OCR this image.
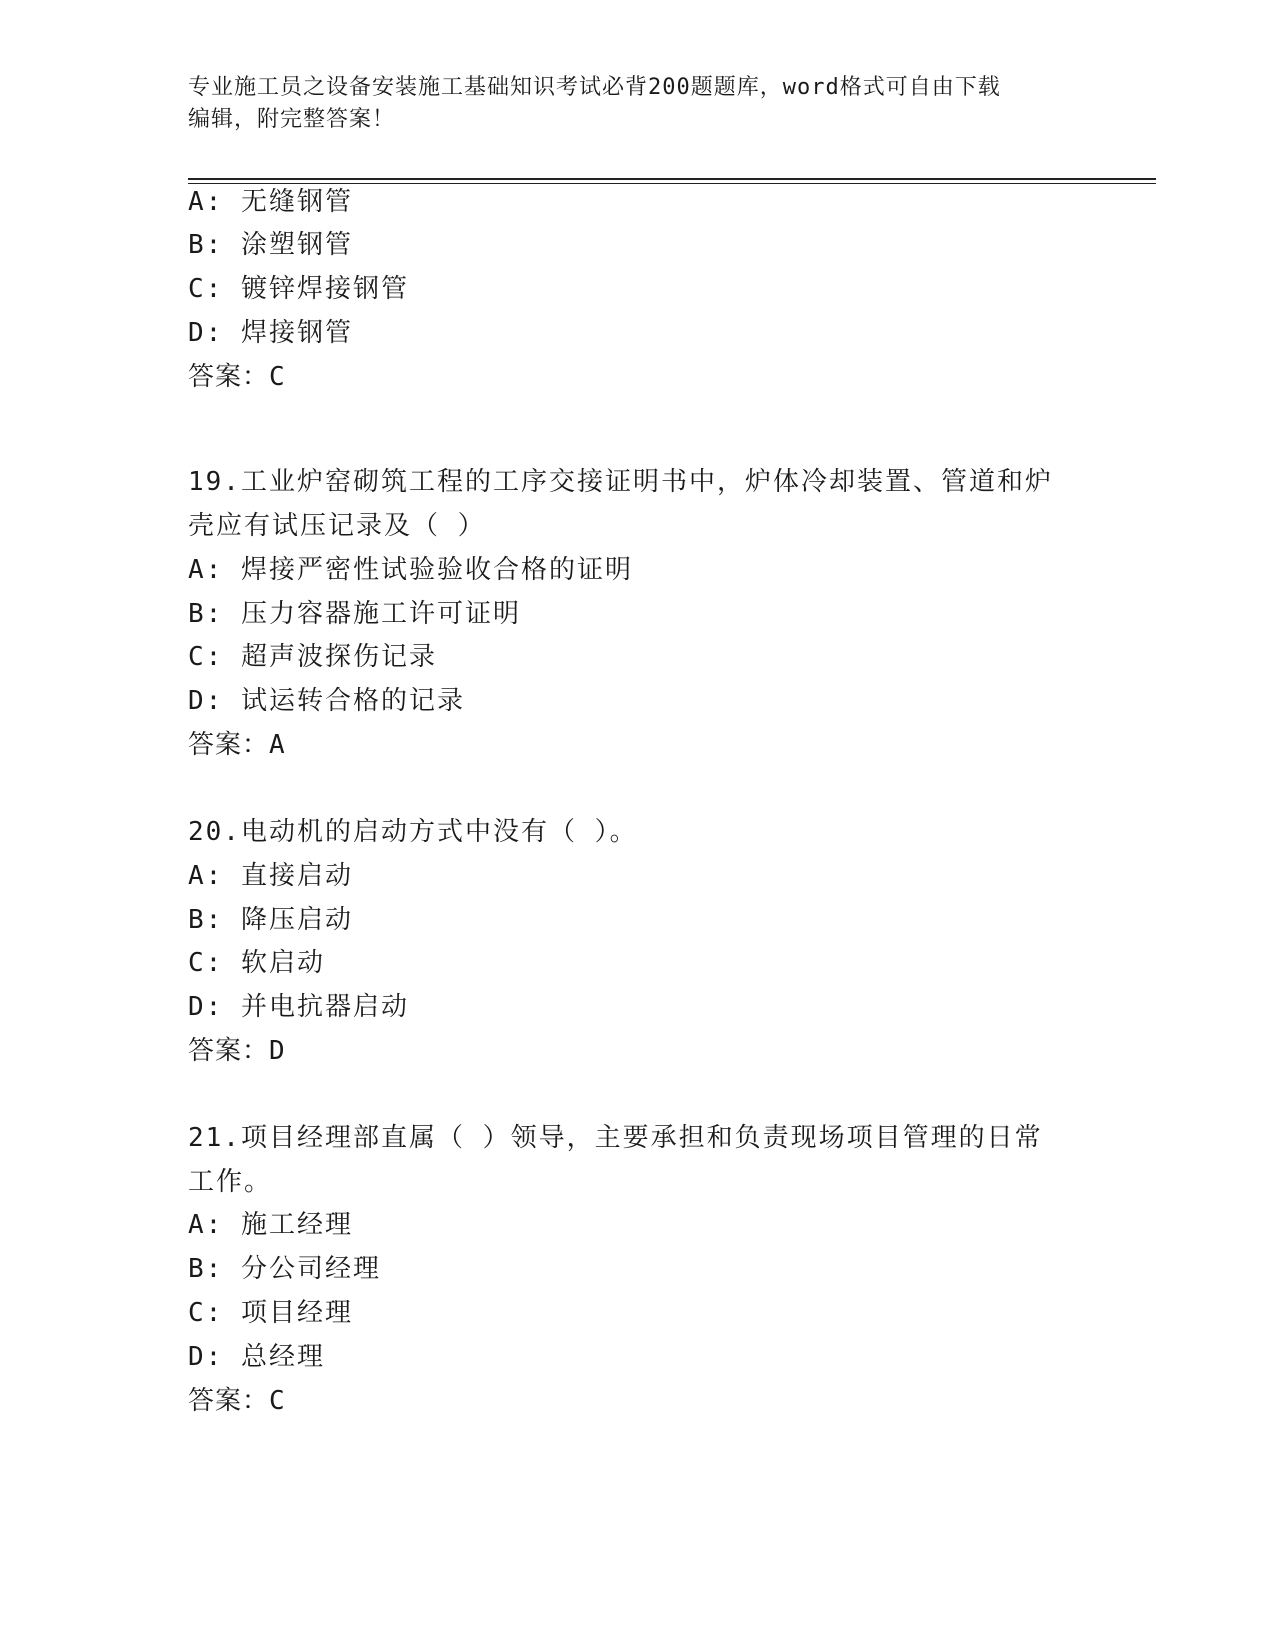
专业施工员之设备安装施工基础知识考试必背200题题库，word格式可自由下载
编辑，附完整答案！
A: 无缝钢管
B: 涂塑钢管
C: 镀锌焊接钢管
D: 焊接钢管
答案：C
19.工业炉窑砌筑工程的工序交接证明书中，炉体冷却装置、管道和炉
壳应有试压记录及（ ）
A: 焊接严密性试验验收合格的证明
B: 压力容器施工许可证明
C: 超声波探伤记录
D: 试运转合格的记录
答案：A
20.电动机的启动方式中没有（ ）。
A: 直接启动
B: 降压启动
C: 软启动
D: 并电抗器启动
答案：D
21.项目经理部直属（ ）领导，主要承担和负责现场项目管理的日常
工作。
A: 施工经理
B: 分公司经理
C: 项目经理
D: 总经理
答案：C
